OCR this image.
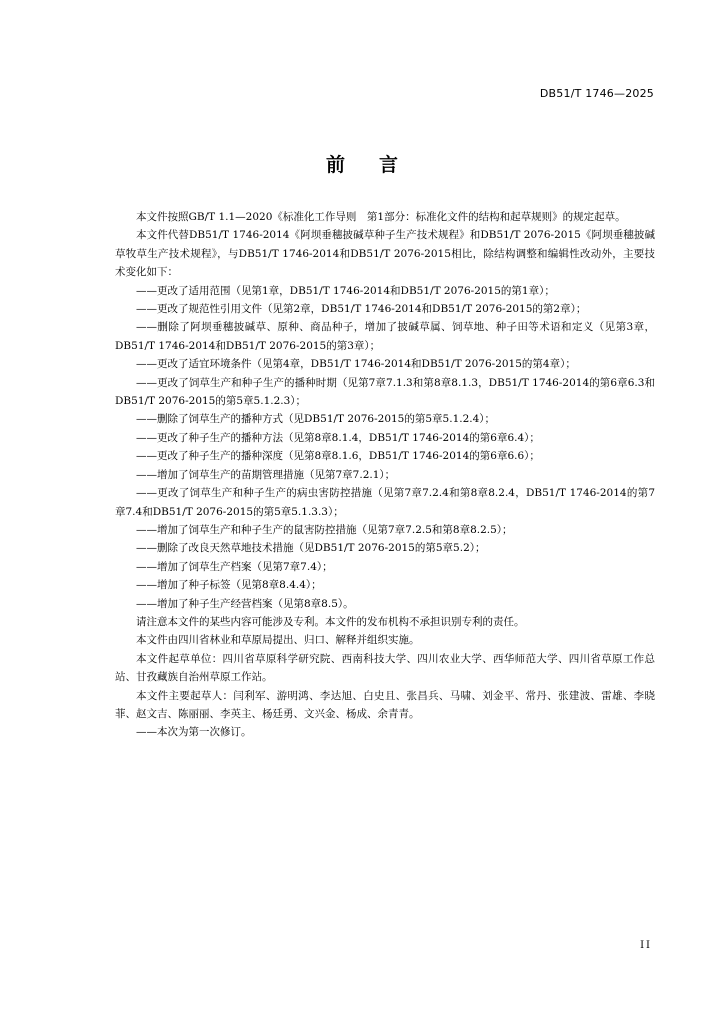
DB51/T 1746—2025
前言

本文件按照GB/T 1.1—2020《标准化工作导则　第1部分：标准化文件的结构和起草规则》的规定起草。

本文件代替DB51/T 1746-2014《阿坝垂穗披碱草种子生产技术规程》和DB51/T 2076-2015《阿坝垂穗披碱草牧草生产技术规程》，与DB51/T 1746-2014和DB51/T 2076-2015相比，除结构调整和编辑性改动外，主要技术变化如下：

——更改了适用范围（见第1章，DB51/T 1746-2014和DB51/T 2076-2015的第1章）；

——更改了规范性引用文件（见第2章，DB51/T 1746-2014和DB51/T 2076-2015的第2章）；

——删除了阿坝垂穗披碱草、原种、商品种子，增加了披碱草属、饲草地、种子田等术语和定义（见第3章，DB51/T 1746-2014和DB51/T 2076-2015的第3章）；

——更改了适宜环境条件（见第4章，DB51/T 1746-2014和DB51/T 2076-2015的第4章）；

——更改了饲草生产和种子生产的播种时期（见第7章7.1.3和第8章8.1.3，DB51/T 1746-2014的第6章6.3和DB51/T 2076-2015的第5章5.1.2.3）；

——删除了饲草生产的播种方式（见DB51/T 2076-2015的第5章5.1.2.4）；

——更改了种子生产的播种方法（见第8章8.1.4，DB51/T 1746-2014的第6章6.4）；

——更改了种子生产的播种深度（见第8章8.1.6，DB51/T 1746-2014的第6章6.6）；

——增加了饲草生产的苗期管理措施（见第7章7.2.1）；

——更改了饲草生产和种子生产的病虫害防控措施（见第7章7.2.4和第8章8.2.4，DB51/T 1746-2014的第7章7.4和DB51/T 2076-2015的第5章5.1.3.3）；

——增加了饲草生产和种子生产的鼠害防控措施（见第7章7.2.5和第8章8.2.5）；

——删除了改良天然草地技术措施（见DB51/T 2076-2015的第5章5.2）；

——增加了饲草生产档案（见第7章7.4）；

——增加了种子标签（见第8章8.4.4）；

——增加了种子生产经营档案（见第8章8.5）。

请注意本文件的某些内容可能涉及专利。本文件的发布机构不承担识别专利的责任。

本文件由四川省林业和草原局提出、归口、解释并组织实施。

本文件起草单位：四川省草原科学研究院、西南科技大学、四川农业大学、西华师范大学、四川省草原工作总站、甘孜藏族自治州草原工作站。

本文件主要起草人：闫利军、游明鸿、李达旭、白史且、张昌兵、马啸、刘金平、常丹、张建波、雷雄、李晓菲、赵文吉、陈丽丽、李英主、杨廷勇、文兴金、杨成、余青青。

——本次为第一次修订。

II
